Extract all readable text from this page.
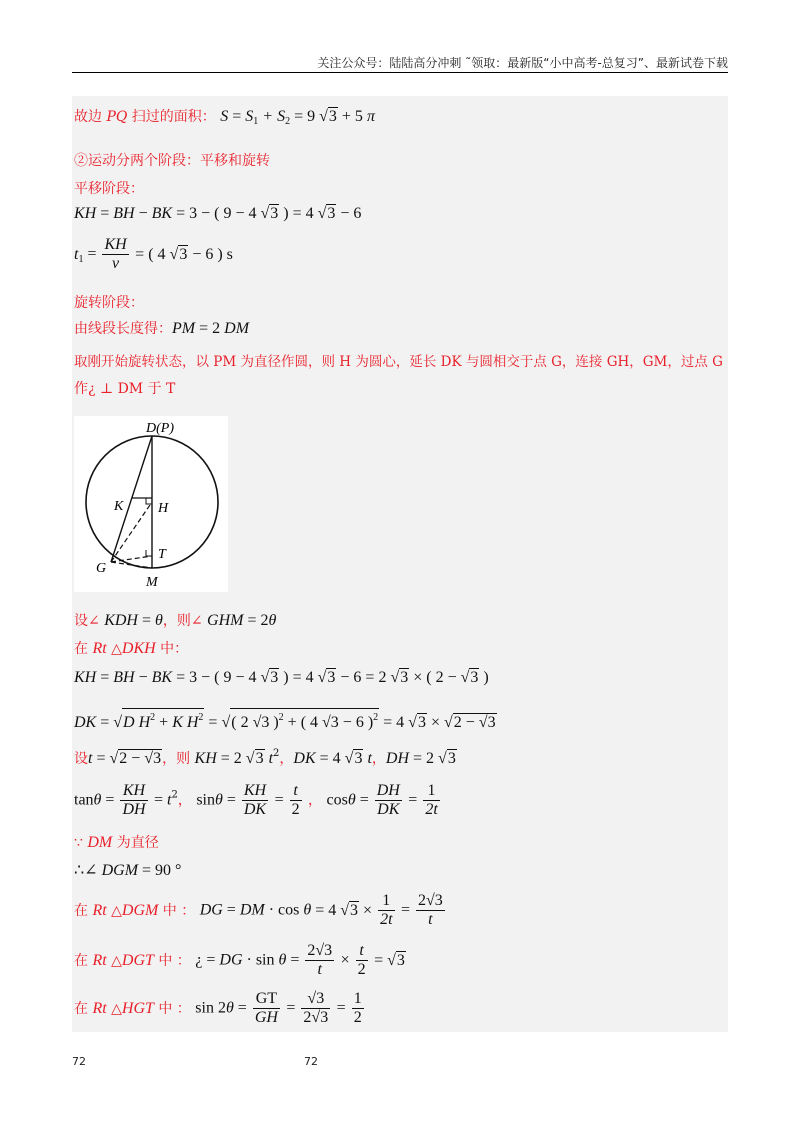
关注公众号：陆陆高分冲刺 ˜领取：最新版“小中高考-总复习”、最新试卷下载
故边 PQ 扫过的面积： $S = S_1 + S_2 = 9$ √3 + 5 π
②运动分两个阶段：平移和旋转
平移阶段：
KH = BH − BK = 3 − ( 9 − 4 √3 ) = 4 √3 − 6
$t_1 = \frac{KH}{v}$ = ( 4 √3 − 6 ) s
旋转阶段：
由线段长度得：PM = 2 DM
取刚开始旋转状态，以 PM 为直径作圆，则 H 为圆心，延长 DK 与圆相交于点 G，连接 GH，GM，过点 G
作¿ ⊥ DM 于 T
D(P)
K H
T
G
M
设∠ KDH = θ，则∠ GHM = 2θ
在 Rt △DKH 中：
KH = BH − BK = 3 − ( 9 − 4 √3 ) = 4 √3 − 6 = 2 √3 × ( 2 − √3 )
DK = √D $H^2 + K$ $H^2$ = √( 2 √3 )$^2$ + ( 4 √3 − 6 )$^2$ = 4 √3 × √2 − √3
设t = √2 − √3，则 KH = 2 √3 $t^2$，DK = 4 √3 t，DH = 2 √3
$\tan\theta = \frac{KH}{DH} = t^2$， $\sin\theta = \frac{KH}{DK} = \frac{t}{2}$ ， $\cos\theta = \frac{DH}{DK} = \frac{1}{2t}$
∵ DM 为直径
∴∠ DGM = 90 °
在 Rt △DGM 中 ： DG = DM · cos θ = 4 $√3 \times \frac{1}{2t} = \frac{2√3}{t}$
在 Rt △DGT 中 ： ¿ = DG · $\sin \theta = \frac{2√3}{t} \times \frac{t}{2} = √3$
在 Rt △HGT 中 ： $\sin 2\theta = \frac{GT}{GH} = \frac{√3}{2√3} = \frac{1}{2}$
72	72
